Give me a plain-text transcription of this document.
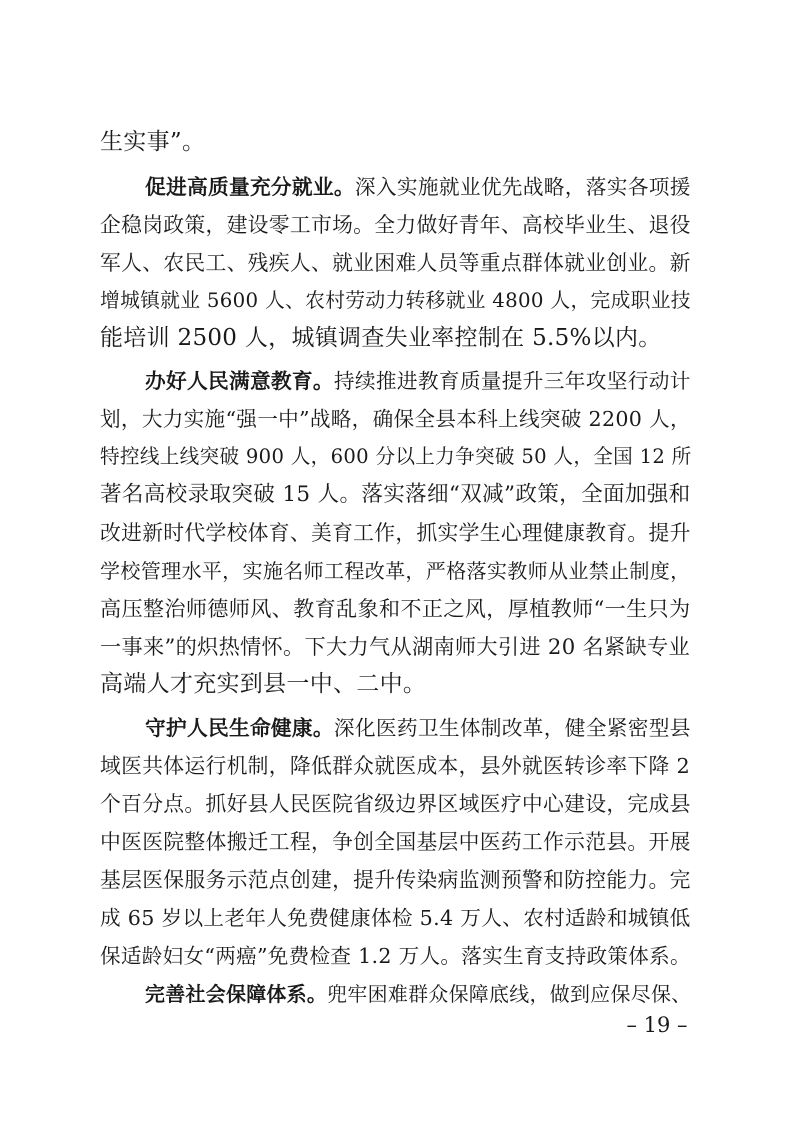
生实事”。
促进高质量充分就业。深入实施就业优先战略，落实各项援
企稳岗政策，建设零工市场。全力做好青年、高校毕业生、退役
军人、农民工、残疾人、就业困难人员等重点群体就业创业。新
增城镇就业 5600 人、农村劳动力转移就业 4800 人，完成职业技
能培训 2500 人，城镇调查失业率控制在 5.5%以内。
办好人民满意教育。持续推进教育质量提升三年攻坚行动计
划，大力实施“强一中”战略，确保全县本科上线突破 2200 人，
特控线上线突破 900 人，600 分以上力争突破 50 人，全国 12 所
著名高校录取突破 15 人。落实落细“双减”政策，全面加强和
改进新时代学校体育、美育工作，抓实学生心理健康教育。提升
学校管理水平，实施名师工程改革，严格落实教师从业禁止制度，
高压整治师德师风、教育乱象和不正之风，厚植教师“一生只为
一事来”的炽热情怀。下大力气从湖南师大引进 20 名紧缺专业
高端人才充实到县一中、二中。
守护人民生命健康。深化医药卫生体制改革，健全紧密型县
域医共体运行机制，降低群众就医成本，县外就医转诊率下降 2
个百分点。抓好县人民医院省级边界区域医疗中心建设，完成县
中医医院整体搬迁工程，争创全国基层中医药工作示范县。开展
基层医保服务示范点创建，提升传染病监测预警和防控能力。完
成 65 岁以上老年人免费健康体检 5.4 万人、农村适龄和城镇低
保适龄妇女“两癌”免费检查 1.2 万人。落实生育支持政策体系。
完善社会保障体系。兜牢困难群众保障底线，做到应保尽保、
– 19 –
